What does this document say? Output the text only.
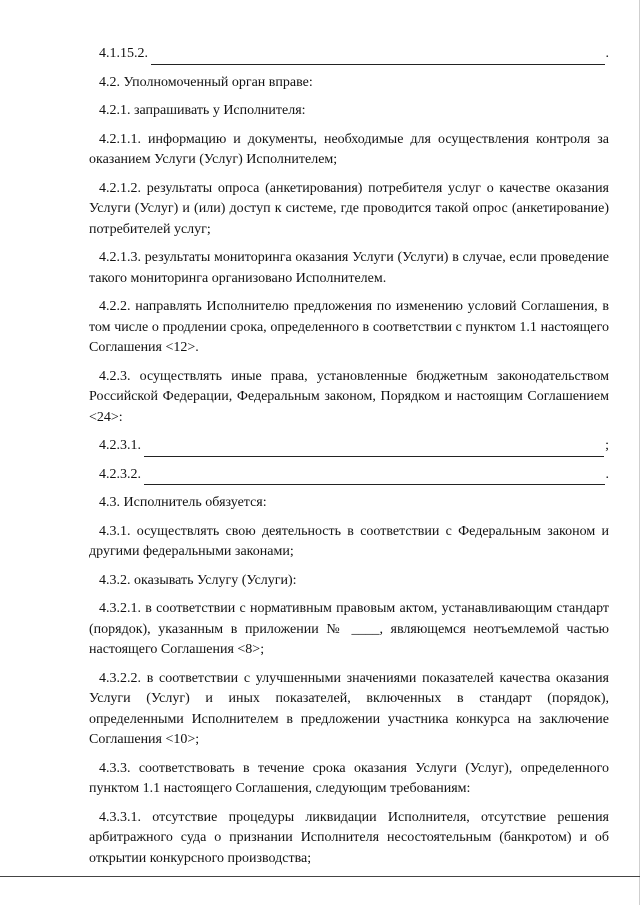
4.1.15.2.	.

4.2. Уполномоченный орган вправе:

4.2.1. запрашивать у Исполнителя:

4.2.1.1. информацию и документы, необходимые для осуществления контроля за оказанием Услуги (Услуг) Исполнителем;

4.2.1.2. результаты опроса (анкетирования) потребителя услуг о качестве оказания Услуги (Услуг) и (или) доступ к системе, где проводится такой опрос (анкетирование) потребителей услуг;

4.2.1.3. результаты мониторинга оказания Услуги (Услуги) в случае, если проведение такого мониторинга организовано Исполнителем.

4.2.2. направлять Исполнителю предложения по изменению условий Соглашения, в том числе о продлении срока, определенного в соответствии с пунктом 1.1 настоящего Соглашения <12>.

4.2.3. осуществлять иные права, установленные бюджетным законодательством Российской Федерации, Федеральным законом, Порядком и настоящим Соглашением <24>:

4.2.3.1.	;
4.2.3.2.	.

4.3. Исполнитель обязуется:

4.3.1. осуществлять свою деятельность в соответствии с Федеральным законом и другими федеральными законами;

4.3.2. оказывать Услугу (Услуги):

4.3.2.1. в соответствии с нормативным правовым актом, устанавливающим стандарт (порядок), указанным в приложении № ____, являющемся неотъемлемой частью настоящего Соглашения <8>;

4.3.2.2. в соответствии с улучшенными значениями показателей качества оказания Услуги (Услуг) и иных показателей, включенных в стандарт (порядок), определенными Исполнителем в предложении участника конкурса на заключение Соглашения <10>;

4.3.3. соответствовать в течение срока оказания Услуги (Услуг), определенного пунктом 1.1 настоящего Соглашения, следующим требованиям:

4.3.3.1. отсутствие процедуры ликвидации Исполнителя, отсутствие решения арбитражного суда о признании Исполнителя несостоятельным (банкротом) и об открытии конкурсного производства;
